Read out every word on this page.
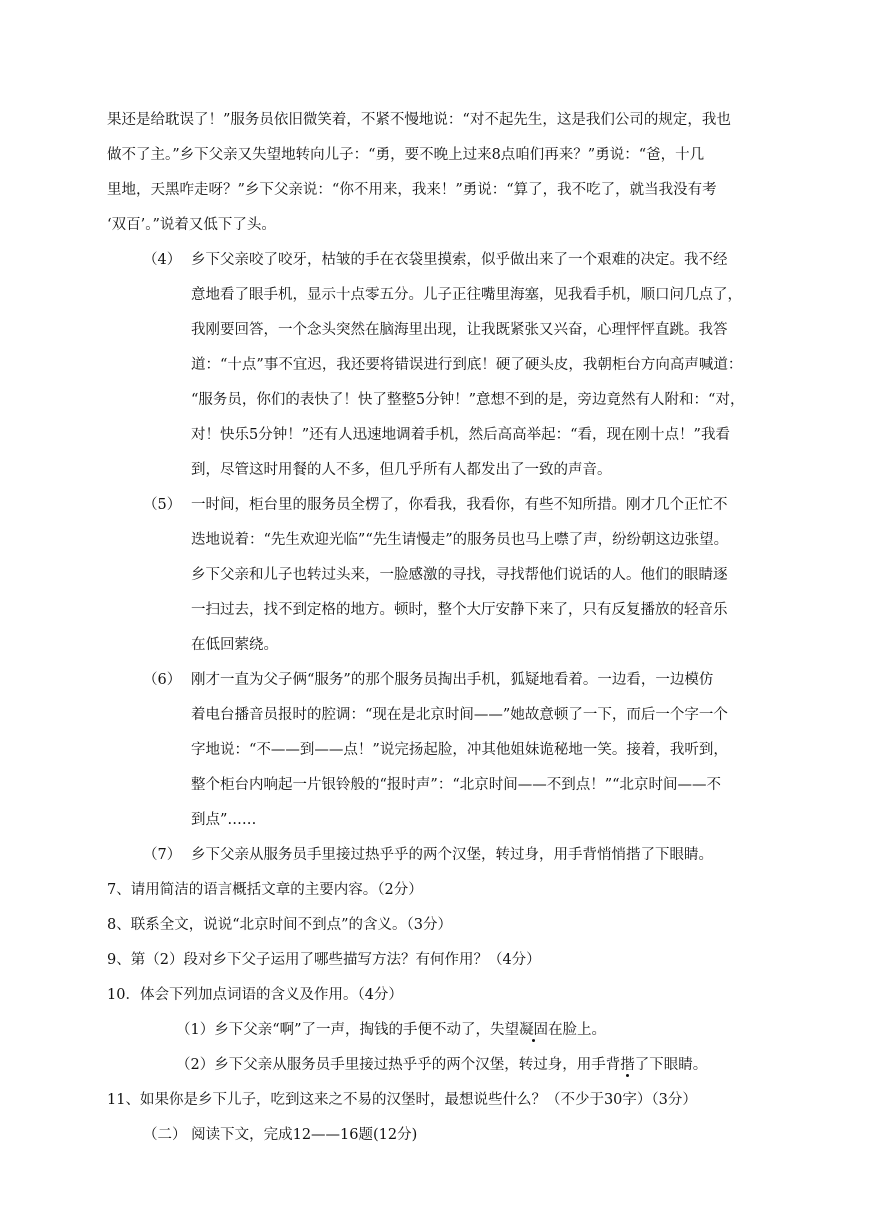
果还是给耽误了！”服务员依旧微笑着，不紧不慢地说：“对不起先生，这是我们公司的规定，我也
做不了主。”乡下父亲又失望地转向儿子：“勇，要不晚上过来8点咱们再来？”勇说：“爸，十几
里地，天黑咋走呀？”乡下父亲说：“你不用来，我来！”勇说：“算了，我不吃了，就当我没有考
‘双百’。”说着又低下了头。
（4） 乡下父亲咬了咬牙，枯皱的手在衣袋里摸索，似乎做出来了一个艰难的决定。我不经
意地看了眼手机，显示十点零五分。儿子正往嘴里海塞，见我看手机，顺口问几点了，
我刚要回答，一个念头突然在脑海里出现，让我既紧张又兴奋，心理怦怦直跳。我答
道：“十点”事不宜迟，我还要将错误进行到底！硬了硬头皮，我朝柜台方向高声喊道：
“服务员，你们的表快了！快了整整5分钟！”意想不到的是，旁边竟然有人附和：“对，
对！快乐5分钟！”还有人迅速地调着手机，然后高高举起：“看，现在刚十点！”我看
到，尽管这时用餐的人不多，但几乎所有人都发出了一致的声音。
（5） 一时间，柜台里的服务员全楞了，你看我，我看你，有些不知所措。刚才几个正忙不
迭地说着：“先生欢迎光临”“先生请慢走”的服务员也马上噤了声，纷纷朝这边张望。
乡下父亲和儿子也转过头来，一脸感激的寻找，寻找帮他们说话的人。他们的眼睛逐
一扫过去，找不到定格的地方。顿时，整个大厅安静下来了，只有反复播放的轻音乐
在低回萦绕。
（6） 刚才一直为父子俩“服务”的那个服务员掏出手机，狐疑地看着。一边看，一边模仿
着电台播音员报时的腔调：“现在是北京时间——”她故意顿了一下，而后一个字一个
字地说：“不——到——点！”说完扬起脸，冲其他姐妹诡秘地一笑。接着，我听到，
整个柜台内响起一片银铃般的“报时声”：“北京时间——不到点！”“北京时间——不
到点”……
（7） 乡下父亲从服务员手里接过热乎乎的两个汉堡，转过身，用手背悄悄揩了下眼睛。
7、请用简洁的语言概括文章的主要内容。（2分）
8、联系全文，说说“北京时间不到点”的含义。（3分）
9、第（2）段对乡下父子运用了哪些描写方法？有何作用？（4分）
10．体会下列加点词语的含义及作用。（4分）
（1）乡下父亲“啊”了一声，掏钱的手便不动了，失望凝固在脸上。
（2）乡下父亲从服务员手里接过热乎乎的两个汉堡，转过身，用手背揩了下眼睛。
11、如果你是乡下儿子，吃到这来之不易的汉堡时，最想说些什么？（不少于30字）（3分）
（二） 阅读下文，完成12——16题(12分)
